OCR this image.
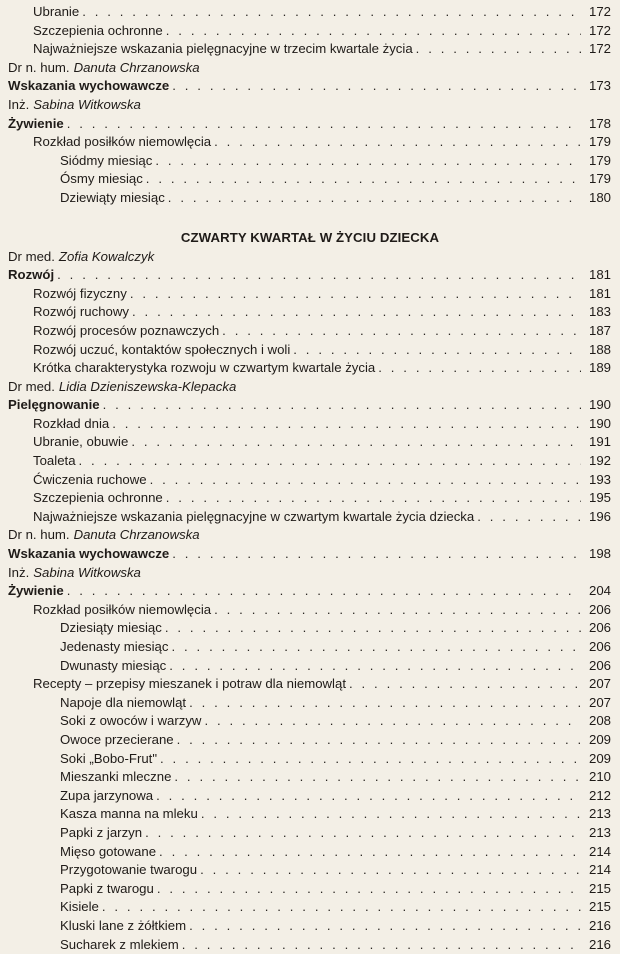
Ubranie . . .	172
Szczepienia ochronne . . .	172
Najważniejsze wskazania pielęgnacyjne w trzecim kwartale życia . . .	172
Dr n. hum. Danuta Chrzanowska
Wskazania wychowawcze . . .	173
Inż. Sabina Witkowska
Żywienie . . .	178
Rozkład posiłków niemowlęcia . . .	179
Siódmy miesiąc . . .	179
Ósmy miesiąc . . .	179
Dziewiąty miesiąc . . .	180
CZWARTY KWARTAŁ W ŻYCIU DZIECKA
Dr med. Zofia Kowalczyk
Rozwój . . .	181
Rozwój fizyczny . . .	181
Rozwój ruchowy . . .	183
Rozwój procesów poznawczych . . .	187
Rozwój uczuć, kontaktów społecznych i woli . . .	188
Krótka charakterystyka rozwoju w czwartym kwartale życia . . .	189
Dr med. Lidia Dzieniszewska-Klepacka
Pielęgnowanie . . .	190
Rozkład dnia . . .	190
Ubranie, obuwie . . .	191
Toaleta . . .	192
Ćwiczenia ruchowe . . .	193
Szczepienia ochronne . . .	195
Najważniejsze wskazania pielęgnacyjne w czwartym kwartale życia dziecka . . .	196
Dr n. hum. Danuta Chrzanowska
Wskazania wychowawcze . . .	198
Inż. Sabina Witkowska
Żywienie . . .	204
Rozkład posiłków niemowlęcia . . .	206
Dziesiąty miesiąc . . .	206
Jedenasty miesiąc . . .	206
Dwunasty miesiąc . . .	206
Recepty – przepisy mieszanek i potraw dla niemowląt . . .	207
Napoje dla niemowląt . . .	207
Soki z owoców i warzyw . . .	208
Owoce przecierane . . .	209
Soki „Bobo-Frut" . . .	209
Mieszanki mleczne . . .	210
Zupa jarzynowa . . .	212
Kasza manna na mleku . . .	213
Papki z jarzyn . . .	213
Mięso gotowane . . .	214
Przygotowanie twarogu . . .	214
Papki z twarogu . . .	215
Kisiele . . .	215
Kluski lane z żółtkiem . . .	216
Sucharek z mlekiem . . .	216
